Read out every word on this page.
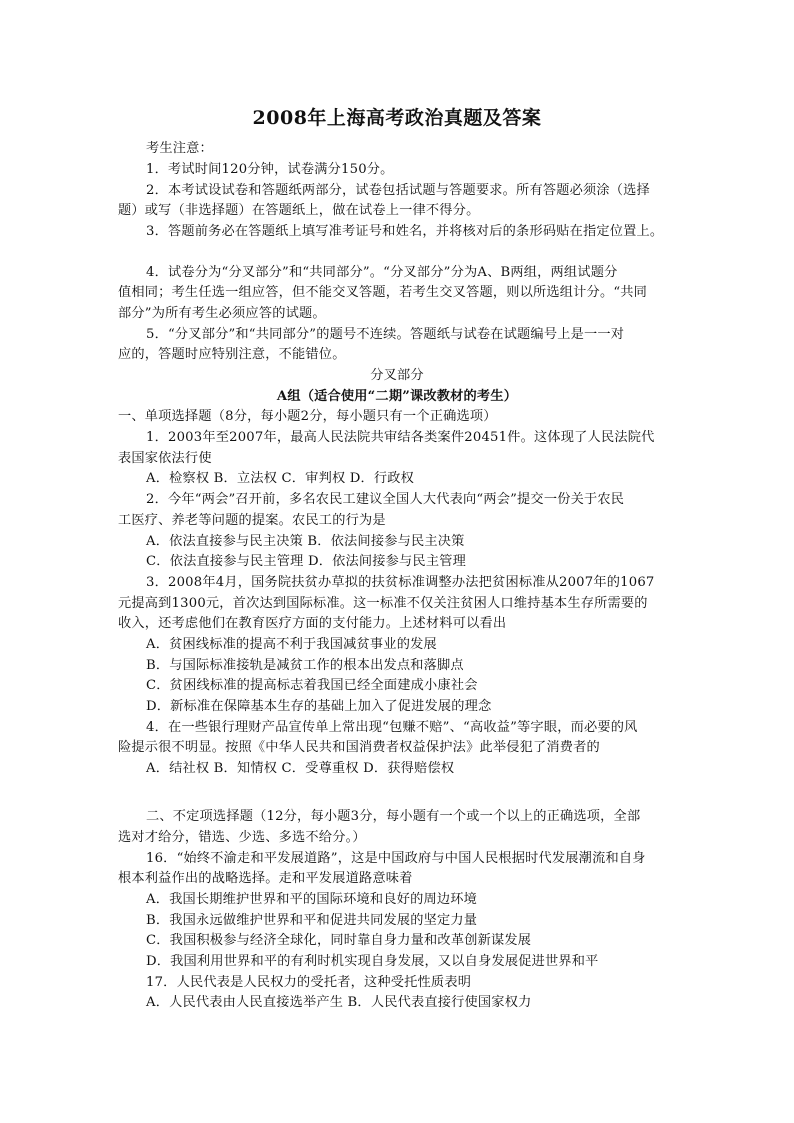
2008年上海高考政治真题及答案
考生注意：
1．考试时间120分钟，试卷满分150分。
2．本考试设试卷和答题纸两部分，试卷包括试题与答题要求。所有答题必须涂（选择
题）或写（非选择题）在答题纸上，做在试卷上一律不得分。
3．答题前务必在答题纸上填写准考证号和姓名，并将核对后的条形码贴在指定位置上。
4．试卷分为“分叉部分”和“共同部分”。“分叉部分”分为A、B两组，两组试题分
值相同；考生任选一组应答，但不能交叉答题，若考生交叉答题，则以所选组计分。“共同
部分”为所有考生必须应答的试题。
5．“分叉部分”和“共同部分”的题号不连续。答题纸与试卷在试题编号上是一一对
应的，答题时应特别注意，不能错位。
分叉部分
A组（适合使用“二期”课改教材的考生）
一、单项选择题（8分，每小题2分，每小题只有一个正确选项）
1．2003年至2007年，最高人民法院共审结各类案件20451件。这体现了人民法院代
表国家依法行使
A．检察权 B．立法权 C．审判权 D．行政权
2．今年“两会”召开前，多名农民工建议全国人大代表向“两会”提交一份关于农民
工医疗、养老等问题的提案。农民工的行为是
A．依法直接参与民主决策 B．依法间接参与民主决策
C．依法直接参与民主管理 D．依法间接参与民主管理
3．2008年4月，国务院扶贫办草拟的扶贫标准调整办法把贫困标准从2007年的1067
元提高到1300元，首次达到国际标准。这一标准不仅关注贫困人口维持基本生存所需要的
收入，还考虑他们在教育医疗方面的支付能力。上述材料可以看出
A．贫困线标准的提高不利于我国减贫事业的发展
B．与国际标准接轨是减贫工作的根本出发点和落脚点
C．贫困线标准的提高标志着我国已经全面建成小康社会
D．新标准在保障基本生存的基础上加入了促进发展的理念
4．在一些银行理财产品宣传单上常出现“包赚不赔”、“高收益”等字眼，而必要的风
险提示很不明显。按照《中华人民共和国消费者权益保护法》此举侵犯了消费者的
A．结社权 B．知情权 C．受尊重权 D．获得赔偿权
二、不定项选择题（12分，每小题3分，每小题有一个或一个以上的正确选项，全部
选对才给分，错选、少选、多选不给分。）
16．“始终不渝走和平发展道路”，这是中国政府与中国人民根据时代发展潮流和自身
根本利益作出的战略选择。走和平发展道路意味着
A．我国长期维护世界和平的国际环境和良好的周边环境
B．我国永远做维护世界和平和促进共同发展的坚定力量
C．我国积极参与经济全球化，同时靠自身力量和改革创新谋发展
D．我国利用世界和平的有利时机实现自身发展，又以自身发展促进世界和平
17．人民代表是人民权力的受托者，这种受托性质表明
A．人民代表由人民直接选举产生 B．人民代表直接行使国家权力
